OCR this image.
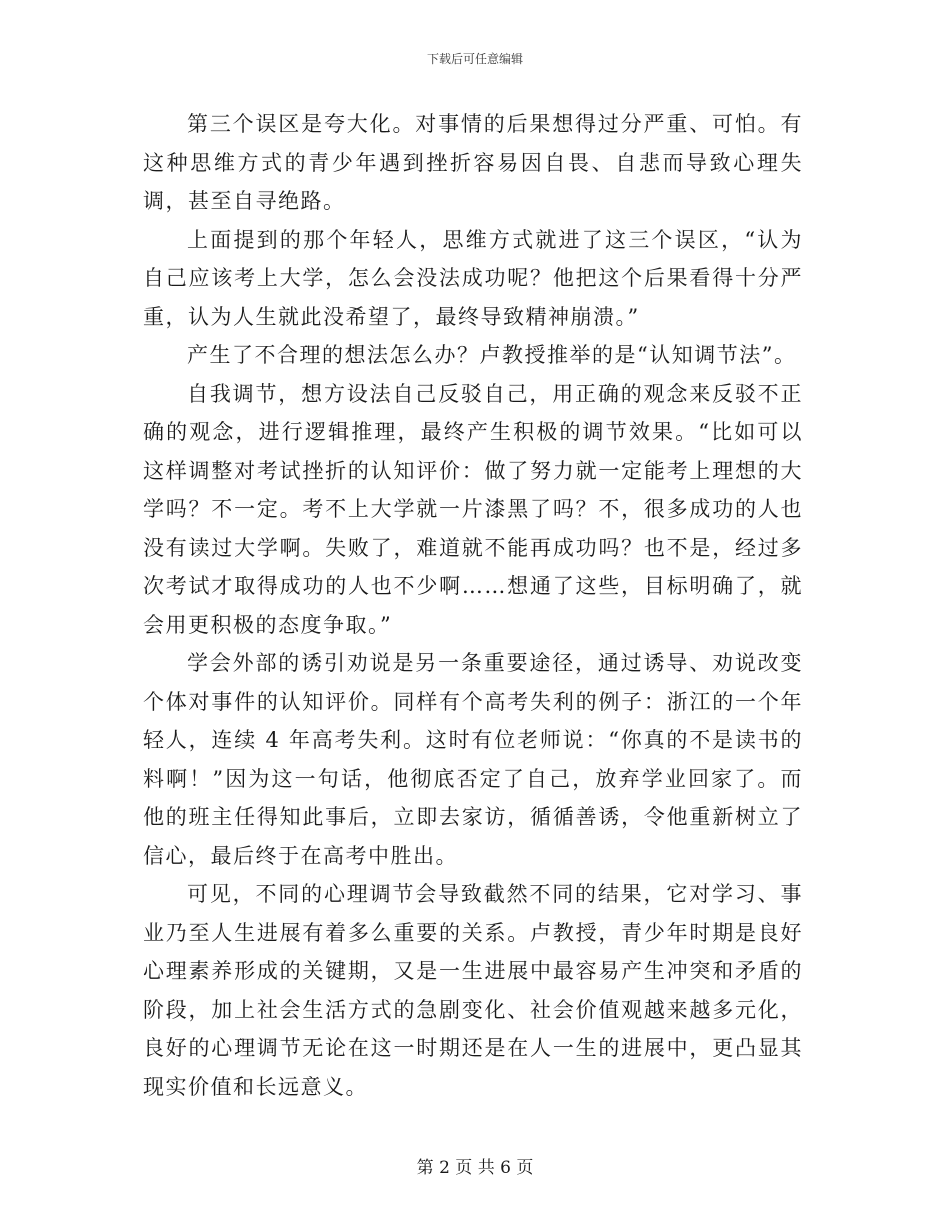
下载后可任意编辑

第三个误区是夸大化。对事情的后果想得过分严重、可怕。有这种思维方式的青少年遇到挫折容易因自畏、自悲而导致心理失调，甚至自寻绝路。

上面提到的那个年轻人，思维方式就进了这三个误区，“认为自己应该考上大学，怎么会没法成功呢？他把这个后果看得十分严重，认为人生就此没希望了，最终导致精神崩溃。”

产生了不合理的想法怎么办？卢教授推举的是“认知调节法”。

自我调节，想方设法自己反驳自己，用正确的观念来反驳不正确的观念，进行逻辑推理，最终产生积极的调节效果。“比如可以这样调整对考试挫折的认知评价：做了努力就一定能考上理想的大学吗？不一定。考不上大学就一片漆黑了吗？不，很多成功的人也没有读过大学啊。失败了，难道就不能再成功吗？也不是，经过多次考试才取得成功的人也不少啊……想通了这些，目标明确了，就会用更积极的态度争取。”

学会外部的诱引劝说是另一条重要途径，通过诱导、劝说改变个体对事件的认知评价。同样有个高考失利的例子：浙江的一个年轻人，连续 4 年高考失利。这时有位老师说：“你真的不是读书的料啊！”因为这一句话，他彻底否定了自己，放弃学业回家了。而他的班主任得知此事后，立即去家访，循循善诱，令他重新树立了信心，最后终于在高考中胜出。

可见，不同的心理调节会导致截然不同的结果，它对学习、事业乃至人生进展有着多么重要的关系。卢教授，青少年时期是良好心理素养形成的关键期，又是一生进展中最容易产生冲突和矛盾的阶段，加上社会生活方式的急剧变化、社会价值观越来越多元化，良好的心理调节无论在这一时期还是在人一生的进展中，更凸显其现实价值和长远意义。

第 2 页 共 6 页
